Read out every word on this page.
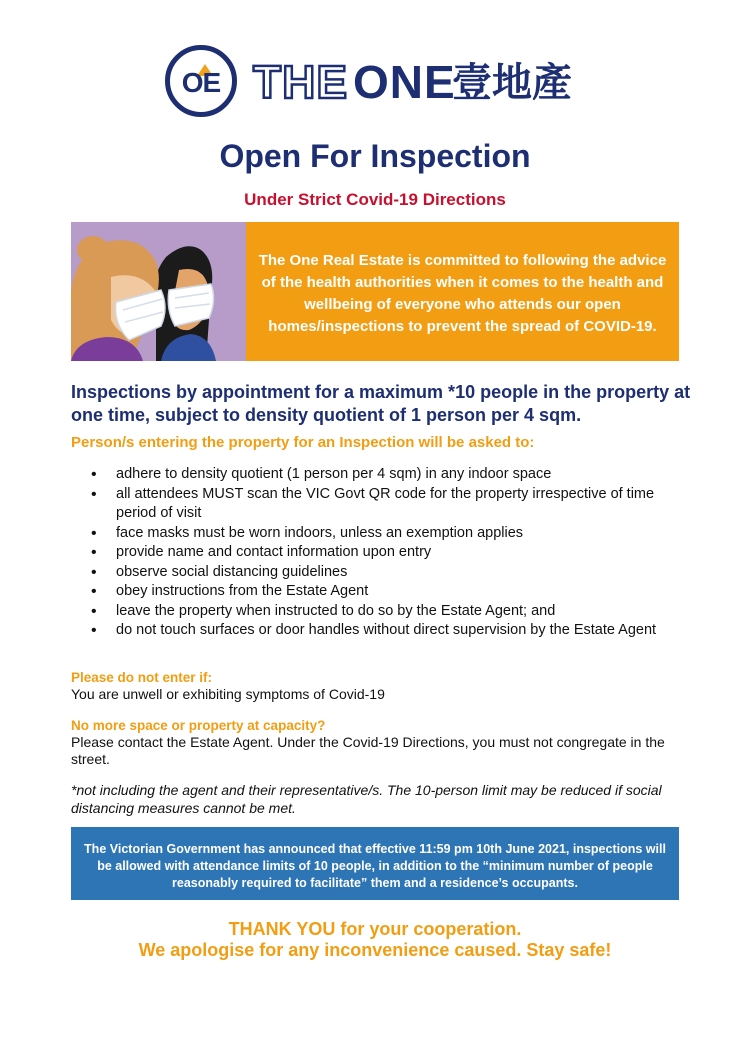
OE THE ONE
壹地產
Open For Inspection
Under Strict Covid-19 Directions
The One Real Estate is committed to following the advice of the health authorities when it comes to the health and wellbeing of everyone who attends our open homes/inspections to prevent the spread of COVID-19.
Inspections by appointment for a maximum *10 people in the property at one time, subject to density quotient of 1 person per 4 sqm.
Person/s entering the property for an Inspection will be asked to:
• adhere to density quotient (1 person per 4 sqm) in any indoor space
• all attendees MUST scan the VIC Govt QR code for the property irrespective of time period of visit
• face masks must be worn indoors, unless an exemption applies
• provide name and contact information upon entry
• observe social distancing guidelines
• obey instructions from the Estate Agent
• leave the property when instructed to do so by the Estate Agent; and
• do not touch surfaces or door handles without direct supervision by the Estate Agent
Please do not enter if:
You are unwell or exhibiting symptoms of Covid-19
No more space or property at capacity?
Please contact the Estate Agent. Under the Covid-19 Directions, you must not congregate in the street.
*not including the agent and their representative/s. The 10-person limit may be reduced if social distancing measures cannot be met.
The Victorian Government has announced that effective 11:59 pm 10th June 2021, inspections will be allowed with attendance limits of 10 people, in addition to the “minimum number of people reasonably required to facilitate” them and a residence’s occupants.
THANK YOU for your cooperation.
We apologise for any inconvenience caused. Stay safe!
